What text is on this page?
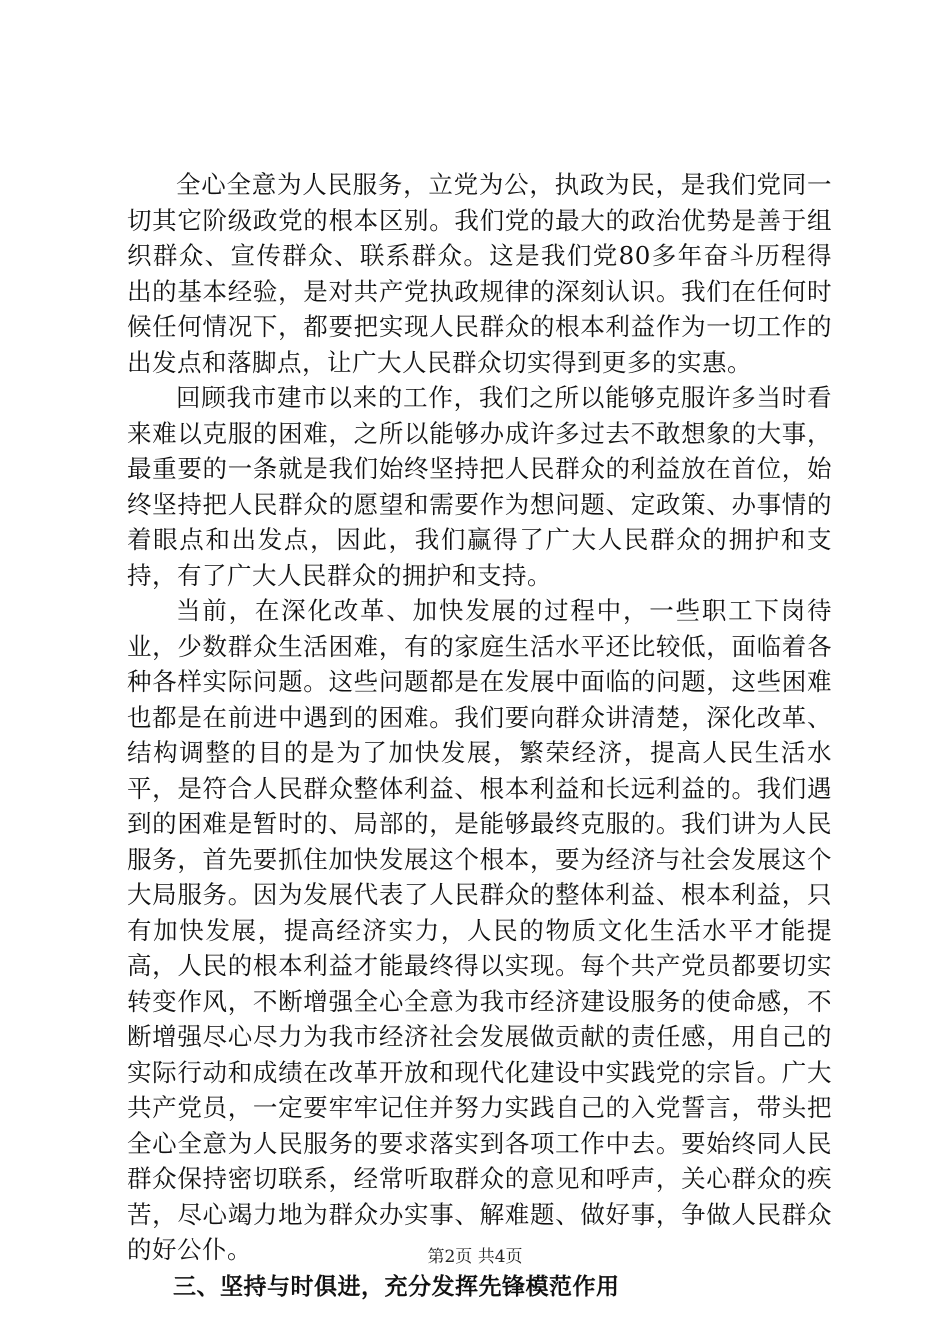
全心全意为人民服务，立党为公，执政为民，是我们党同一切其它阶级政党的根本区别。我们党的最大的政治优势是善于组织群众、宣传群众、联系群众。这是我们党80多年奋斗历程得出的基本经验，是对共产党执政规律的深刻认识。我们在任何时候任何情况下，都要把实现人民群众的根本利益作为一切工作的出发点和落脚点，让广大人民群众切实得到更多的实惠。

回顾我市建市以来的工作，我们之所以能够克服许多当时看来难以克服的困难，之所以能够办成许多过去不敢想象的大事，最重要的一条就是我们始终坚持把人民群众的利益放在首位，始终坚持把人民群众的愿望和需要作为想问题、定政策、办事情的着眼点和出发点，因此，我们赢得了广大人民群众的拥护和支持，有了广大人民群众的拥护和支持。

当前，在深化改革、加快发展的过程中，一些职工下岗待业，少数群众生活困难，有的家庭生活水平还比较低，面临着各种各样实际问题。这些问题都是在发展中面临的问题，这些困难也都是在前进中遇到的困难。我们要向群众讲清楚，深化改革、结构调整的目的是为了加快发展，繁荣经济，提高人民生活水平，是符合人民群众整体利益、根本利益和长远利益的。我们遇到的困难是暂时的、局部的，是能够最终克服的。我们讲为人民服务，首先要抓住加快发展这个根本，要为经济与社会发展这个大局服务。因为发展代表了人民群众的整体利益、根本利益，只有加快发展，提高经济实力，人民的物质文化生活水平才能提高，人民的根本利益才能最终得以实现。每个共产党员都要切实转变作风，不断增强全心全意为我市经济建设服务的使命感，不断增强尽心尽力为我市经济社会发展做贡献的责任感，用自己的实际行动和成绩在改革开放和现代化建设中实践党的宗旨。广大共产党员，一定要牢牢记住并努力实践自己的入党誓言，带头把全心全意为人民服务的要求落实到各项工作中去。要始终同人民群众保持密切联系，经常听取群众的意见和呼声，关心群众的疾苦，尽心竭力地为群众办实事、解难题、做好事，争做人民群众的好公仆。

三、坚持与时俱进，充分发挥先锋模范作用

第2页 共4页
